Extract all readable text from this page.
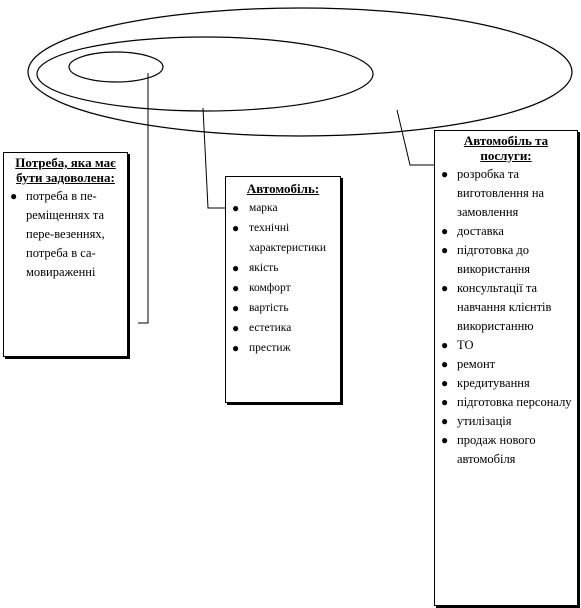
Потреба, яка має бути задоволена:

● потреба в пе-реміщеннях та пере-везеннях, потреба в са-мовираженні

Автомобіль:

● марка
● технічні характеристики
● якість
● комфорт
● вартість
● естетика
● престиж

Автомобіль та послуги:

● розробка та виготовлення на замовлення
● доставка
● підготовка до використання
● консультації та навчання клієнтів використанню
● ТО
● ремонт
● кредитування
● підготовка персоналу
● утилізація
● продаж нового автомобіля
